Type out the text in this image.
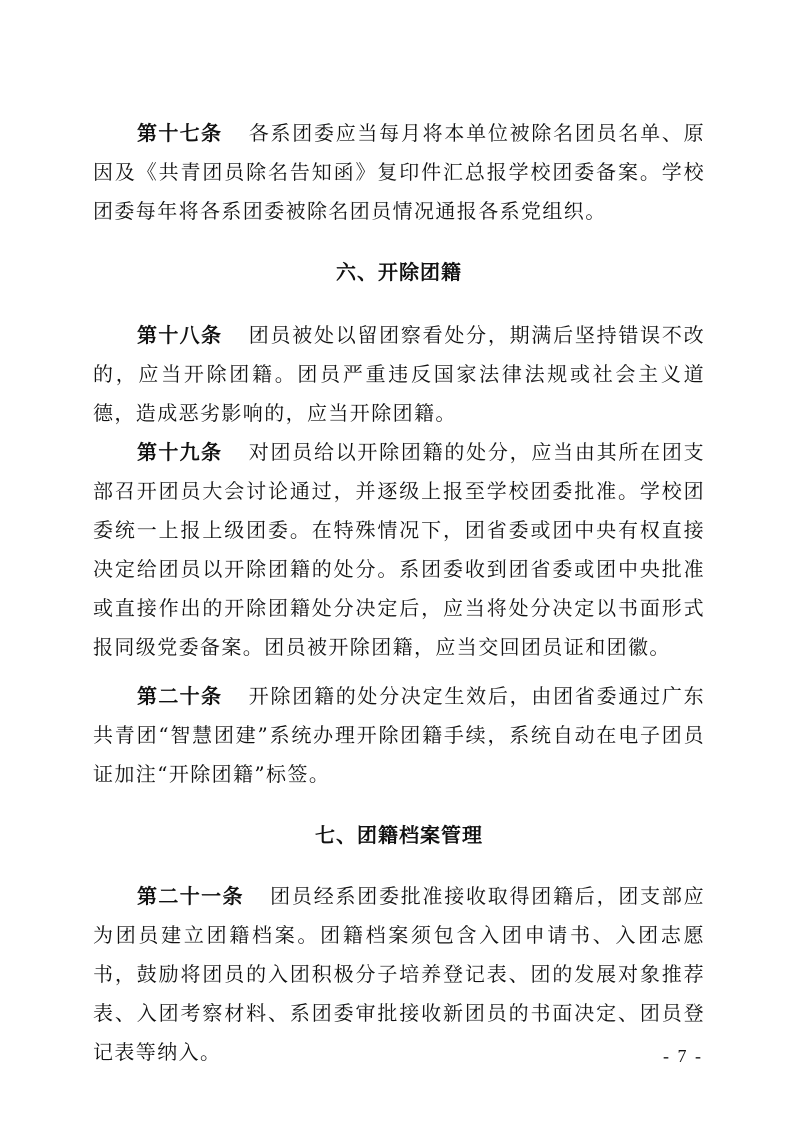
第十七条 各系团委应当每月将本单位被除名团员名单、原因及《共青团员除名告知函》复印件汇总报学校团委备案。学校团委每年将各系团委被除名团员情况通报各系党组织。

六、开除团籍

第十八条 团员被处以留团察看处分，期满后坚持错误不改的，应当开除团籍。团员严重违反国家法律法规或社会主义道德，造成恶劣影响的，应当开除团籍。

第十九条 对团员给以开除团籍的处分，应当由其所在团支部召开团员大会讨论通过，并逐级上报至学校团委批准。学校团委统一上报上级团委。在特殊情况下，团省委或团中央有权直接决定给团员以开除团籍的处分。系团委收到团省委或团中央批准或直接作出的开除团籍处分决定后，应当将处分决定以书面形式报同级党委备案。团员被开除团籍，应当交回团员证和团徽。

第二十条 开除团籍的处分决定生效后，由团省委通过广东共青团“智慧团建”系统办理开除团籍手续，系统自动在电子团员证加注“开除团籍”标签。

七、团籍档案管理

第二十一条 团员经系团委批准接收取得团籍后，团支部应为团员建立团籍档案。团籍档案须包含入团申请书、入团志愿书，鼓励将团员的入团积极分子培养登记表、团的发展对象推荐表、入团考察材料、系团委审批接收新团员的书面决定、团员登记表等纳入。	- 7 -
